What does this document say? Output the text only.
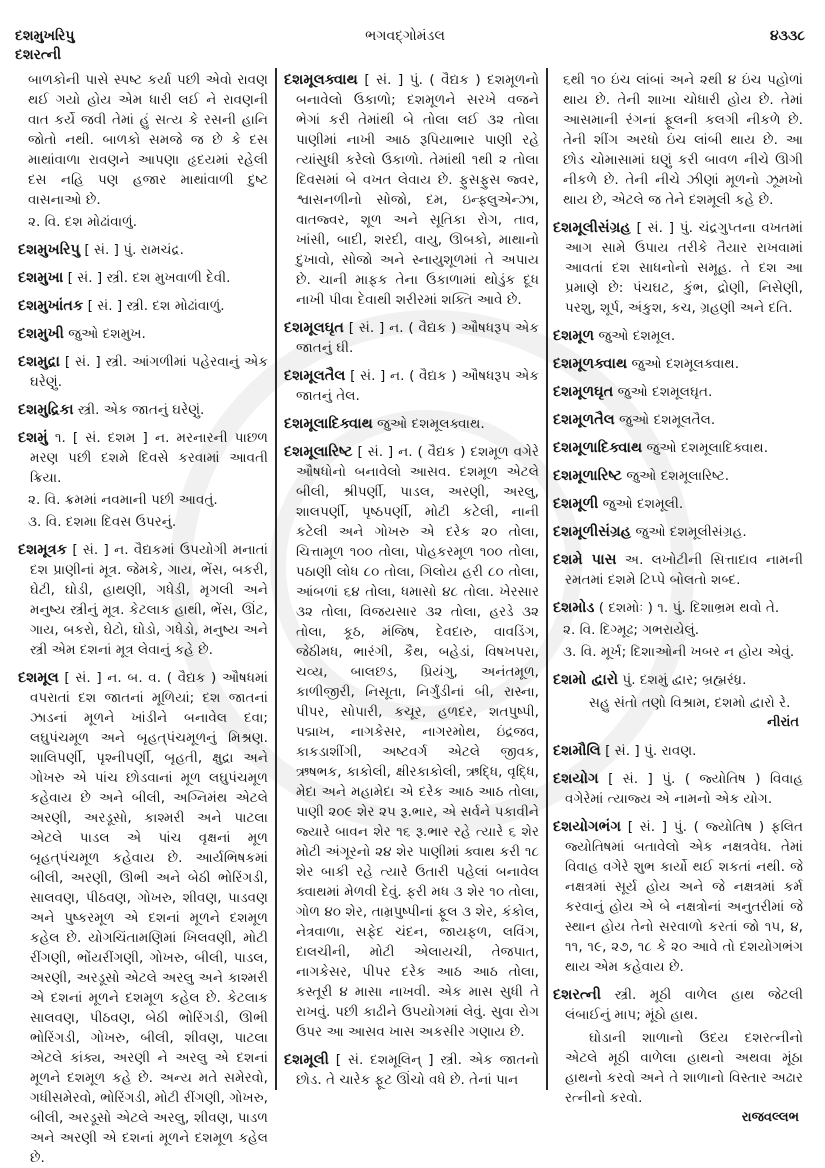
દશમુખરિપુ
દશરત્ની
ભગવદ્‌ગોમંડલ	૪૩૩૮

બાળકોની પાસે સ્પષ્ટ કર્યા પછી એવો રાવણ થઈ ગયો હોય એમ ધારી લઈ ને રાવણની વાત કર્યે જવી તેમાં હું સત્ય કે રસની હાનિ જોતો નથી. બાળકો સમજે જ છે કે દસ માથાંવાળા રાવણને આપણા હૃદયમાં રહેલી દસ નહિ પણ હજાર માથાંવાળી દુષ્ટ વાસનાઓ છે.

૨. વિ. દશ મોઢાંવાળું.

દશમુખરિપુ [ સં. ] પું. રામચંદ્ર.

દશમુખા [ સં. ] સ્ત્રી. દશ મુખવાળી દેવી.

દશમુખાંતક [ સં. ] સ્ત્રી. દશ મોઢાંવાળું.

દશમુખી જુઓ દશમુખ.

દશમુદ્રા [ સં. ] સ્ત્રી. આંગળીમાં પહેરવાનું એક ઘરેણું.

દશમુદ્રિકા સ્ત્રી. એક જાતનું ઘરેણું.

દશમું ૧. [ સં. દશમ ] ન. મરનારની પાછળ મરણ પછી દશમે દિવસે કરવામાં આવતી ક્રિયા.

૨. વિ. ક્રમમાં નવમાની પછી આવતું.

૩. વિ. દશમા દિવસ ઉપરનું.

દશમૂત્રક [ સં. ] ન. વૈદ્યકમાં ઉપયોગી મનાતાં દશ પ્રાણીનાં મૂત્ર. જેમકે, ગાય, ભેંસ, બકરી, ઘેટી, ઘોડી, હાથણી, ગધેડી, મૃગલી અને મનુષ્ય સ્ત્રીનું મૂત્ર. કેટલાક હાથી, ભેંસ, ઊંટ, ગાય, બકરો, ઘેટો, ઘોડો, ગધેડો, મનુષ્ય અને સ્ત્રી એમ દશનાં મૂત્ર લેવાનું કહે છે.

દશમૂલ [ સં. ] ન. બ. વ. ( વૈદ્યક ) ઔષધમાં વપરાતાં દશ જાતનાં મૂળિયાં; દશ જાતનાં ઝાડનાં મૂળને ખાંડીને બનાવેલ દવા; લઘુપંચમૂળ અને બૃહત્‌પંચમૂળનું મિશ્રણ. શાલિપર્ણી, પૃશ્નીપર્ણી, બૃહતી, ક્ષુદ્રા અને ગોખરુ એ પાંચ છોડવાનાં મૂળ લઘુપંચમૂળ કહેવાય છે અને બીલી, અગ્નિમંથ એટલે અરણી, અરડૂસો, કાશ્મરી અને પાટલા એટલે પાડલ એ પાંચ વૃક્ષનાં મૂળ બૃહત્‌પંચમૂળ કહેવાય છે. આર્યભિષકમાં બીલી, અરણી, ઊભી અને બેઠી ભોરિંગડી, સાલવણ, પીઠવણ, ગોખરુ, શીવણ, પાડવણ અને પુષ્કરમૂળ એ દશનાં મૂળને દશમૂળ કહેલ છે. યોગચિંતામણિમાં ખિલવણી, મોટી રીંગણી, ભોંયરીંગણી, ગોખરુ, બીલી, પાડલ, અરણી, અરડૂસો એટલે અરલુ અને કાશ્મરી એ દશનાં મૂળને દશમૂળ કહેલ છે. કેટલાક સાલવણ, પીઠવણ, બેઠી ભોરિંગડી, ઊભી ભોરિંગડી, ગોખરુ, બીલી, શીવણ, પાટલા એટલે કાંક્ય, અરણી ને અરલુ એ દશનાં મૂળને દશમૂળ કહે છે. અન્ય મતે સમેરવો, ગધીસમેરવો, ભોરિંગડી, મોટી રીંગણી, ગોખરુ, બીલી, અરડૂસો એટલે અરલુ, શીવણ, પાડળ અને અરણી એ દશનાં મૂળને દશમૂળ કહેલ છે.

દશમૂલક્વાથ [ સં. ] પું. ( વૈદ્યક ) દશમૂળનો બનાવેલો ઉકાળો; દશમૂળને સરખે વજને ભેગાં કરી તેમાંથી બે તોલા લઈ ૩૨ તોલા પાણીમાં નાખી આઠ રૂપિયાભાર પાણી રહે ત્યાંસુધી કરેલો ઉકાળો. તેમાંથી ૧થી ૨ તોલા દિવસમાં બે વખત લેવાય છે. ફુસફુસ જ્વર, શ્વાસનળીનો સોજો, દમ, ઇન્ફ્લુએન્ઝા, વાતજ્વર, શૂળ અને સૂતિકા રોગ, તાવ, ખાંસી, બાદી, શરદી, વાયુ, ઊબકો, માથાનો દુખાવો, સોજો અને સ્નાયુશૂળમાં તે અપાય છે. ચાની માફક તેના ઉકાળામાં થોડુંક દૂધ નાખી પીવા દેવાથી શરીરમાં શક્તિ આવે છે.

દશમૂલઘૃત [ સં. ] ન. ( વૈદ્યક ) ઔષધરૂપ એક જાતનું ઘી.

દશમૂલતૈલ [ સં. ] ન. ( વૈદ્યક ) ઔષધરૂપ એક જાતનું તેલ.

દશમૂલાદિક્વાથ જુઓ દશમૂલક્વાથ.

દશમૂલારિષ્ટ [ સં. ] ન. ( વૈદ્યક ) દશમૂળ વગેરે ઔષધોનો બનાવેલો આસવ. દશમૂળ એટલે બીલી, શ્રીપર્ણી, પાડલ, અરણી, અરલુ, શાલપર્ણી, પૃષ્ઠપર્ણી, મોટી કટેલી, નાની કટેલી અને ગોખરુ એ દરેક ૨૦ તોલા, ચિત્તામૂળ ૧૦૦ તોલા, પોહકરમૂળ ૧૦૦ તોલા, પઠાણી લોધ ૮૦ તોલા, ગિલોય હરી ૮૦ તોલા, આંબળાં ૬૪ તોલા, ધમાસો ૪૮ તોલા. ખેરસાર ૩૨ તોલા, વિજયસાર ૩૨ તોલા, હરડે ૩૨ તોલા, કૂઠ, મંજિષ, દેવદારુ, વાવડિંગ, જેઠીમધ, ભારંગી, કૈથ, બહેડાં, વિષખપરા, ચવ્ય, બાલછડ, પ્રિયંગુ, અનંતમૂળ, કાળીજીરી, નિસૂતા, નિર્ગુંડીનાં બી, રાસ્ના, પીપર, સોપારી, કચૂર, હળદર, શતપુષ્પી, પદ્માખ, નાગકેસર, નાગરમોથ, ઇંદ્રજવ, કાકડાશીંગી, અષ્ટવર્ગ એટલે જીવક, ઋષભક, કાકોલી, ક્ષીરકાકોલી, ઋદ્ધિ, વૃદ્ધિ, મેદા અને મહામેદા એ દરેક આઠ આઠ તોલા, પાણી ૨૦૯ શેર ૨૫ રૂ.ભાર, એ સર્વને પકાવીને જ્યારે બાવન શેર ૧૬ રૂ.ભાર રહે ત્યારે ૬ શેર મોટી અંગૂરનો ૨૪ શેર પાણીમાં ક્વાથ કરી ૧૮ શેર બાકી રહે ત્યારે ઉતારી પહેલાં બનાવેલ ક્વાથમાં મેળવી દેવું. ફરી મધ ૩ શેર ૧૦ તોલા, ગોળ ૪૦ શેર, તામ્રપુષ્પીનાં ફૂલ ૩ શેર, કંકોલ, નેત્રવાળા, સફેદ ચંદન, જાયફળ, લવિંગ, દાલચીની, મોટી એલાયચી, તેજપાત, નાગકેસર, પીપર દરેક આઠ આઠ તોલા, કસ્તૂરી ૪ માસા નાખવી. એક માસ સુધી તે રાખવું. પછી કાઢીને ઉપયોગમાં લેવું. સુવા રોગ ઉપર આ આસવ ખાસ અકસીર ગણાય છે.

દશમૂલી [ સં. દશમૂલિન્ ] સ્ત્રી. એક જાતનો છોડ. તે ચારેક ફૂટ ઊંચો વધે છે. તેનાં પાન

૬થી ૧૦ ઇંચ લાંબાં અને ૨થી ૪ ઇંચ પહોળાં થાય છે. તેની શાખા ચોધારી હોય છે. તેમાં આસમાની રંગનાં ફૂલની કલગી નીકળે છે. તેની શીંગ અરધો ઇંચ લાંબી થાય છે. આ છોડ ચોમાસામાં ઘણું કરી બાવળ નીચે ઊગી નીકળે છે. તેની નીચે ઝીણાં મૂળનો ઝૂમખો થાય છે, એટલે જ તેને દશમૂલી કહે છે.

દશમૂલીસંગ્રહ [ સં. ] પું. ચંદ્રગુપ્તના વખતમાં આગ સામે ઉપાય તરીકે તૈયાર રાખવામાં આવતાં દશ સાધનોનો સમૂહ. તે દશ આ પ્રમાણે છે: પંચઘટ, કુંભ, દ્રોણી, નિસેણી, પરશુ, શૂર્પ, અંકુશ, કચ, ગ્રહણી અને દતિ.

દશમૂળ જુઓ દશમૂલ.

દશમૂળક્વાથ જુઓ દશમૂલક્વાથ.

દશમૂળઘૃત જુઓ દશમૂલઘૃત.

દશમૂળતૈલ જુઓ દશમૂલતૈલ.

દશમૂળાદિક્વાથ જુઓ દશમૂલાદિક્વાથ.

દશમૂળારિષ્ટ જુઓ દશમૂલારિષ્ટ.

દશમૂળી જુઓ દશમૂલી.

દશમૂળીસંગ્રહ જુઓ દશમૂલીસંગ્રહ.

દશમે પાસ અ. લખોટીની સિત્તાદાવ નામની રમતમાં દશમે ટિપ્પે બોલતો શબ્દ.

દશમોડ ( દશમોઃ ) ૧. પું. દિશાભ્રમ થવો તે.

૨. વિ. દિગ્મૂઢ; ગભરાયેલું.

૩. વિ. મૂર્ખ; દિશાઓની ખબર ન હોય એવું.

દશમો દ્વારો પું. દશમું દ્વાર; બ્રહ્મરંધ્ર.

સહુ સંતો તણો વિશ્રામ, દશમો દ્વારો રે.

નીરાંત

દશમૌલિ [ સં. ] પું. રાવણ.

દશયોગ [ સં. ] પું. ( જ્યોતિષ ) વિવાહ વગેરેમાં ત્યાજ્ય એ નામનો એક યોગ.

દશયોગભંગ [ સં. ] પું. ( જ્યોતિષ ) ફલિત જ્યોતિષમાં બતાવેલો એક નક્ષત્રવેધ. તેમાં વિવાહ વગેરે શુભ કાર્યો થઈ શકતાં નથી. જે નક્ષત્રમાં સૂર્ય હોય અને જે નક્ષત્રમાં કર્મ કરવાનું હોય એ બે નક્ષત્રોનાં અનુતરીમાં જે સ્થાન હોય તેનો સરવાળો કરતાં જો ૧૫, ૪, ૧૧, ૧૯, ૨૭, ૧૮ કે ૨૦ આવે તો દશયોગભંગ થાય એમ કહેવાય છે.

દશરત્ની સ્ત્રી. મૂઠી વાળેલ હાથ જેટલી લંબાઈનું માપ; મૂંઠો હાથ.

ઘોડાની શાળાનો ઉદય દશરત્નીનો એટલે મૂઠી વાળેલા હાથનો અથવા મૂંઠા હાથનો કરવો અને તે શાળાનો વિસ્તાર અઢાર રત્નીનો કરવો.

રાજવલ્લભ
